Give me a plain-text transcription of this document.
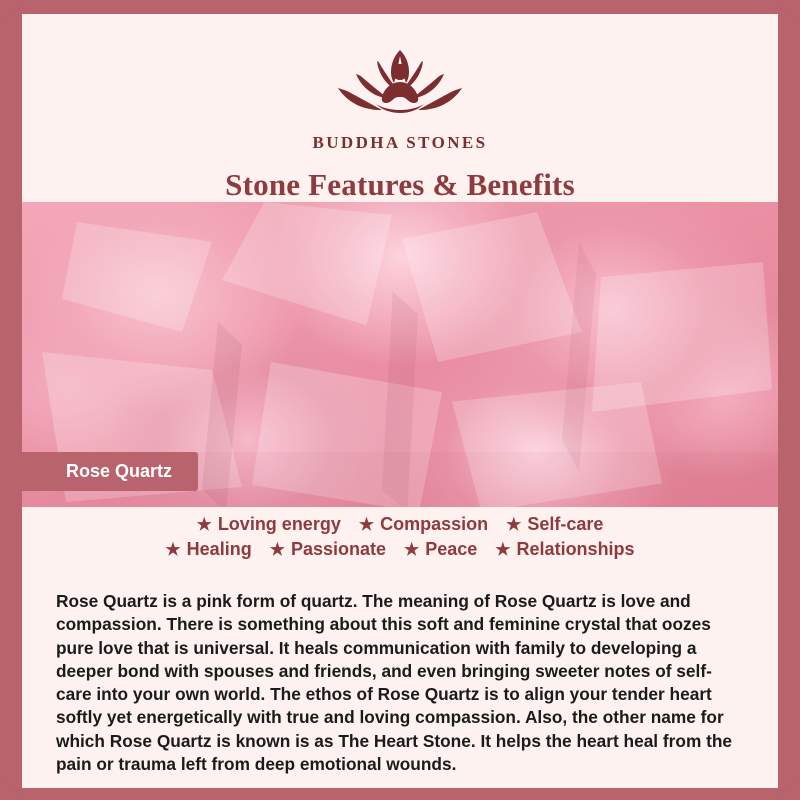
BUDDHA STONES
Stone Features & Benefits
Rose Quartz
★ Loving energy ★ Compassion ★ Self-care
★ Healing ★ Passionate ★ Peace ★ Relationships
Rose Quartz is a pink form of quartz. The meaning of Rose Quartz is love and compassion. There is something about this soft and feminine crystal that oozes pure love that is universal. It heals communication with family to developing a deeper bond with spouses and friends, and even bringing sweeter notes of self-care into your own world. The ethos of Rose Quartz is to align your tender heart softly yet energetically with true and loving compassion. Also, the other name for which Rose Quartz is known is as The Heart Stone. It helps the heart heal from the pain or trauma left from deep emotional wounds.
